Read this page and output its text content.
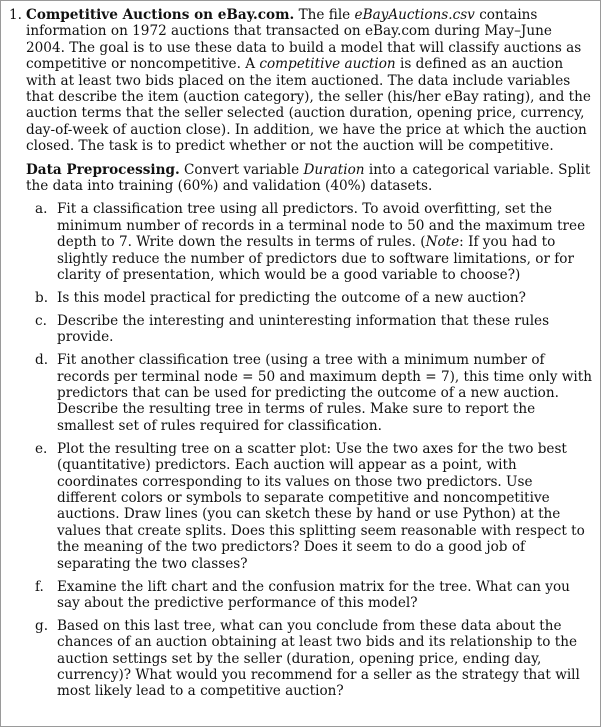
1. Competitive Auctions on eBay.com. The file eBayAuctions.csv contains information on 1972 auctions that transacted on eBay.com during May–June 2004. The goal is to use these data to build a model that will classify auctions as competitive or noncompetitive. A competitive auction is defined as an auction with at least two bids placed on the item auctioned. The data include variables that describe the item (auction category), the seller (his/her eBay rating), and the auction terms that the seller selected (auction duration, opening price, currency, day-of-week of auction close). In addition, we have the price at which the auction closed. The task is to predict whether or not the auction will be competitive.

Data Preprocessing. Convert variable Duration into a categorical variable. Split the data into training (60%) and validation (40%) datasets.

a. Fit a classification tree using all predictors. To avoid overfitting, set the minimum number of records in a terminal node to 50 and the maximum tree depth to 7. Write down the results in terms of rules. (Note: If you had to slightly reduce the number of predictors due to software limitations, or for clarity of presentation, which would be a good variable to choose?)
b. Is this model practical for predicting the outcome of a new auction?
c. Describe the interesting and uninteresting information that these rules provide.
d. Fit another classification tree (using a tree with a minimum number of records per terminal node = 50 and maximum depth = 7), this time only with predictors that can be used for predicting the outcome of a new auction. Describe the resulting tree in terms of rules. Make sure to report the smallest set of rules required for classification.
e. Plot the resulting tree on a scatter plot: Use the two axes for the two best (quantitative) predictors. Each auction will appear as a point, with coordinates corresponding to its values on those two predictors. Use different colors or symbols to separate competitive and noncompetitive auctions. Draw lines (you can sketch these by hand or use Python) at the values that create splits. Does this splitting seem reasonable with respect to the meaning of the two predictors? Does it seem to do a good job of separating the two classes?
f. Examine the lift chart and the confusion matrix for the tree. What can you say about the predictive performance of this model?
g. Based on this last tree, what can you conclude from these data about the chances of an auction obtaining at least two bids and its relationship to the auction settings set by the seller (duration, opening price, ending day, currency)? What would you recommend for a seller as the strategy that will most likely lead to a competitive auction?
